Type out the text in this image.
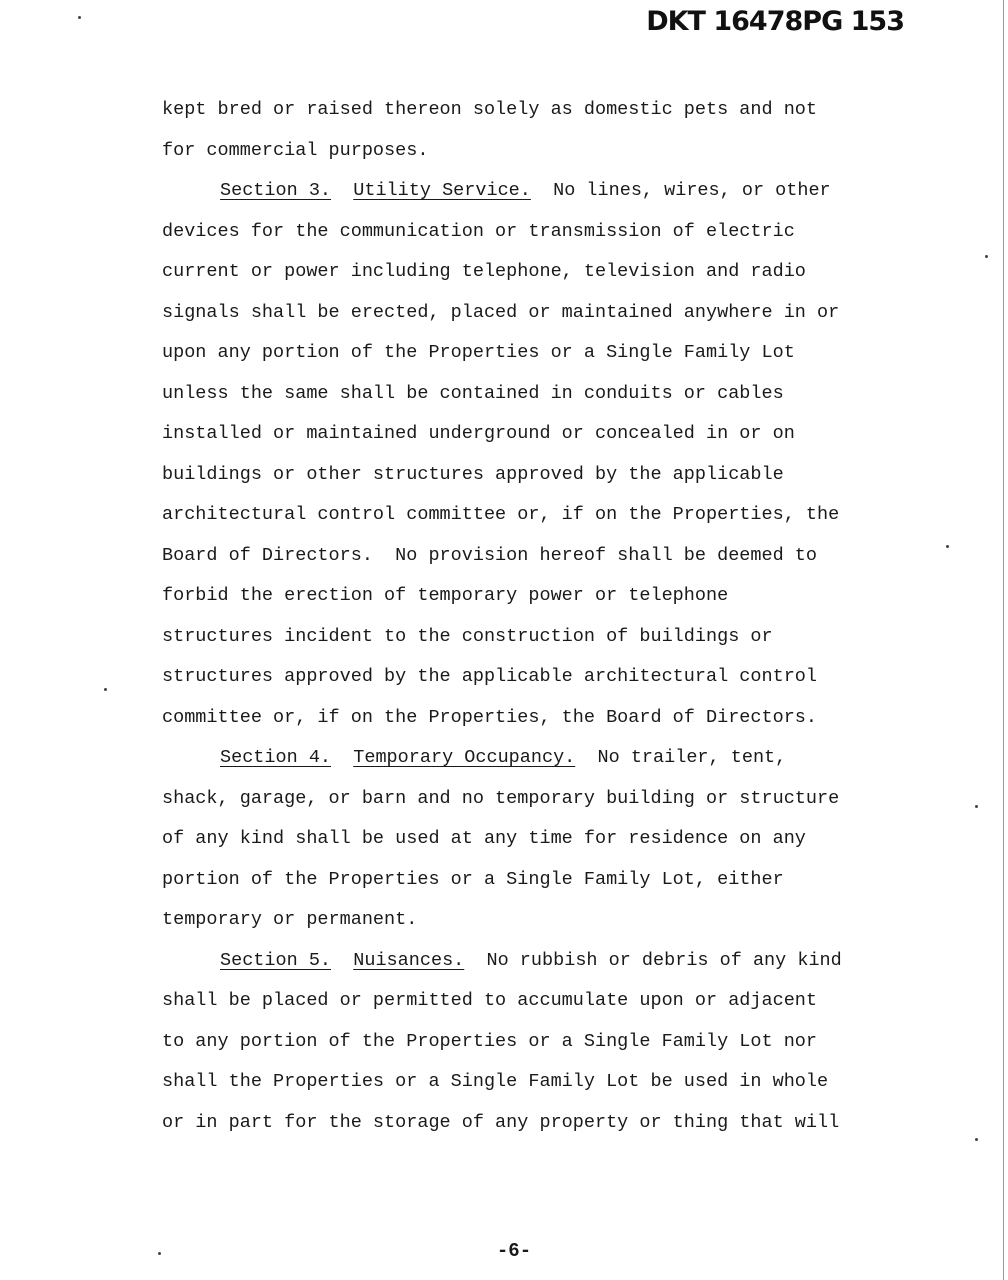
DKT 16478PG 153
kept bred or raised thereon solely as domestic pets and not
for commercial purposes.
Section 3. Utility Service. No lines, wires, or other
devices for the communication or transmission of electric
current or power including telephone, television and radio
signals shall be erected, placed or maintained anywhere in or
upon any portion of the Properties or a Single Family Lot
unless the same shall be contained in conduits or cables
installed or maintained underground or concealed in or on
buildings or other structures approved by the applicable
architectural control committee or, if on the Properties, the
Board of Directors.  No provision hereof shall be deemed to
forbid the erection of temporary power or telephone
structures incident to the construction of buildings or
structures approved by the applicable architectural control
committee or, if on the Properties, the Board of Directors.
Section 4. Temporary Occupancy. No trailer, tent,
shack, garage, or barn and no temporary building or structure
of any kind shall be used at any time for residence on any
portion of the Properties or a Single Family Lot, either
temporary or permanent.
Section 5. Nuisances. No rubbish or debris of any kind
shall be placed or permitted to accumulate upon or adjacent
to any portion of the Properties or a Single Family Lot nor
shall the Properties or a Single Family Lot be used in whole
or in part for the storage of any property or thing that will
-6-
